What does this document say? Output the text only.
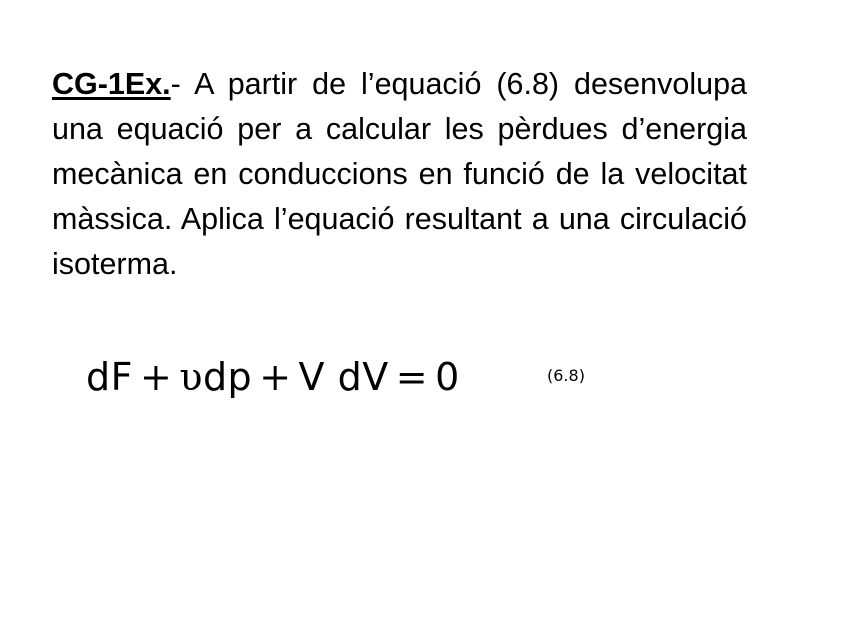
CG-1Ex.- A partir de l’equació (6.8) desenvolupa una equació per a calcular les pèrdues d’energia mecànica en conduccions en funció de la velocitat màssica. Aplica l’equació resultant a una circulació isoterma.

dF + υdp + V dV = 0	(6.8)
